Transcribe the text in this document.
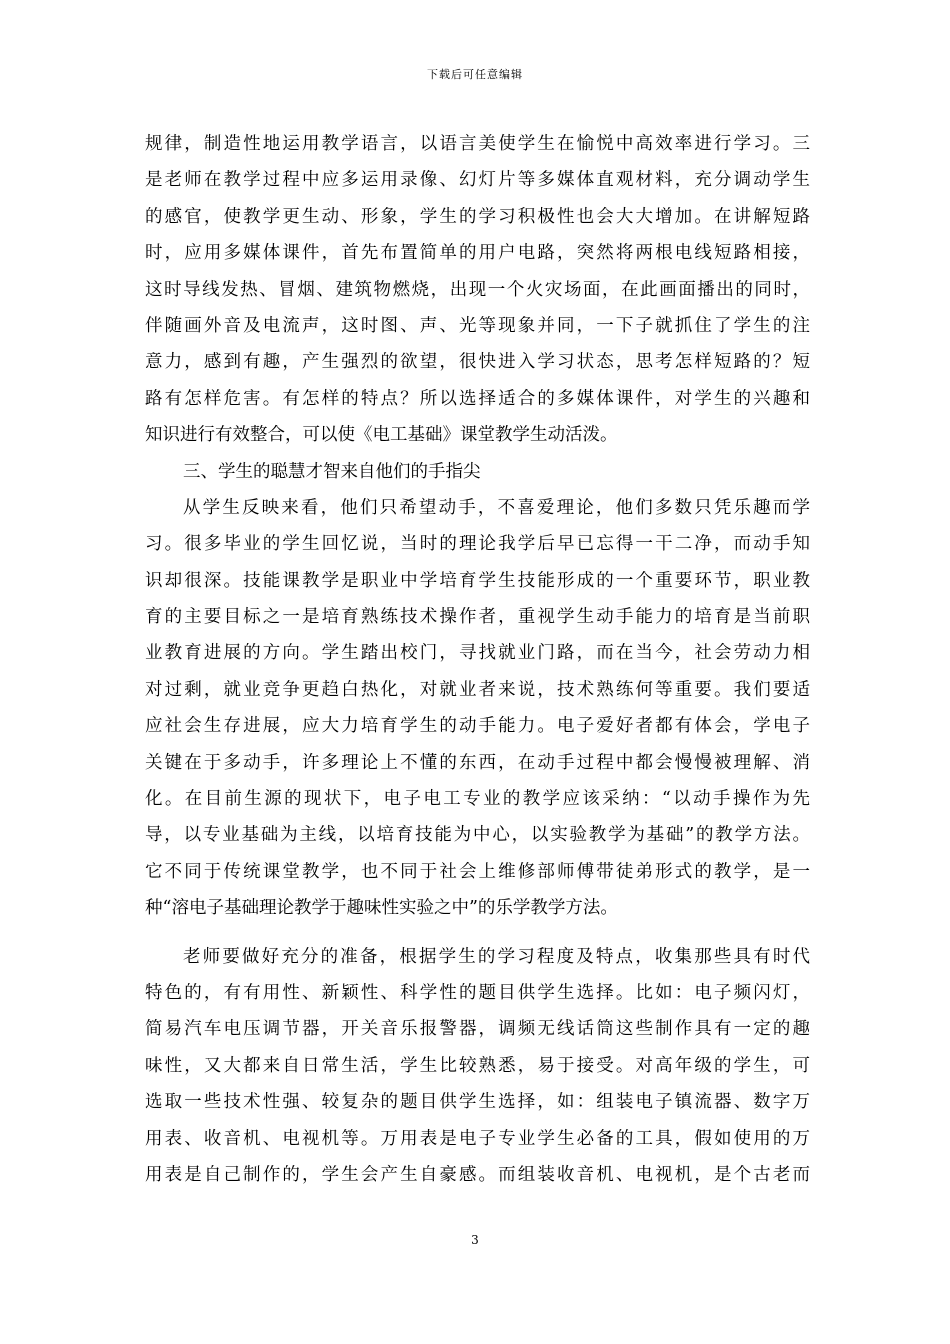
下载后可任意编辑
规律，制造性地运用教学语言，以语言美使学生在愉悦中高效率进行学习。三
是老师在教学过程中应多运用录像、幻灯片等多媒体直观材料，充分调动学生
的感官，使教学更生动、形象，学生的学习积极性也会大大增加。在讲解短路
时，应用多媒体课件，首先布置简单的用户电路，突然将两根电线短路相接，
这时导线发热、冒烟、建筑物燃烧，出现一个火灾场面，在此画面播出的同时，
伴随画外音及电流声，这时图、声、光等现象并同，一下子就抓住了学生的注
意力，感到有趣，产生强烈的欲望，很快进入学习状态，思考怎样短路的？短
路有怎样危害。有怎样的特点？所以选择适合的多媒体课件，对学生的兴趣和
知识进行有效整合，可以使《电工基础》课堂教学生动活泼。
三、学生的聪慧才智来自他们的手指尖
从学生反映来看，他们只希望动手，不喜爱理论，他们多数只凭乐趣而学
习。很多毕业的学生回忆说，当时的理论我学后早已忘得一干二净，而动手知
识却很深。技能课教学是职业中学培育学生技能形成的一个重要环节，职业教
育的主要目标之一是培育熟练技术操作者，重视学生动手能力的培育是当前职
业教育进展的方向。学生踏出校门，寻找就业门路，而在当今，社会劳动力相
对过剩，就业竞争更趋白热化，对就业者来说，技术熟练何等重要。我们要适
应社会生存进展，应大力培育学生的动手能力。电子爱好者都有体会，学电子
关键在于多动手，许多理论上不懂的东西，在动手过程中都会慢慢被理解、消
化。在目前生源的现状下，电子电工专业的教学应该采纳：“以动手操作为先
导，以专业基础为主线，以培育技能为中心，以实验教学为基础”的教学方法。
它不同于传统课堂教学，也不同于社会上维修部师傅带徒弟形式的教学，是一
种“溶电子基础理论教学于趣味性实验之中”的乐学教学方法。
老师要做好充分的准备，根据学生的学习程度及特点，收集那些具有时代
特色的，有有用性、新颖性、科学性的题目供学生选择。比如：电子频闪灯，
简易汽车电压调节器，开关音乐报警器，调频无线话筒这些制作具有一定的趣
味性，又大都来自日常生活，学生比较熟悉，易于接受。对高年级的学生，可
选取一些技术性强、较复杂的题目供学生选择，如：组装电子镇流器、数字万
用表、收音机、电视机等。万用表是电子专业学生必备的工具，假如使用的万
用表是自己制作的，学生会产生自豪感。而组装收音机、电视机，是个古老而
3
